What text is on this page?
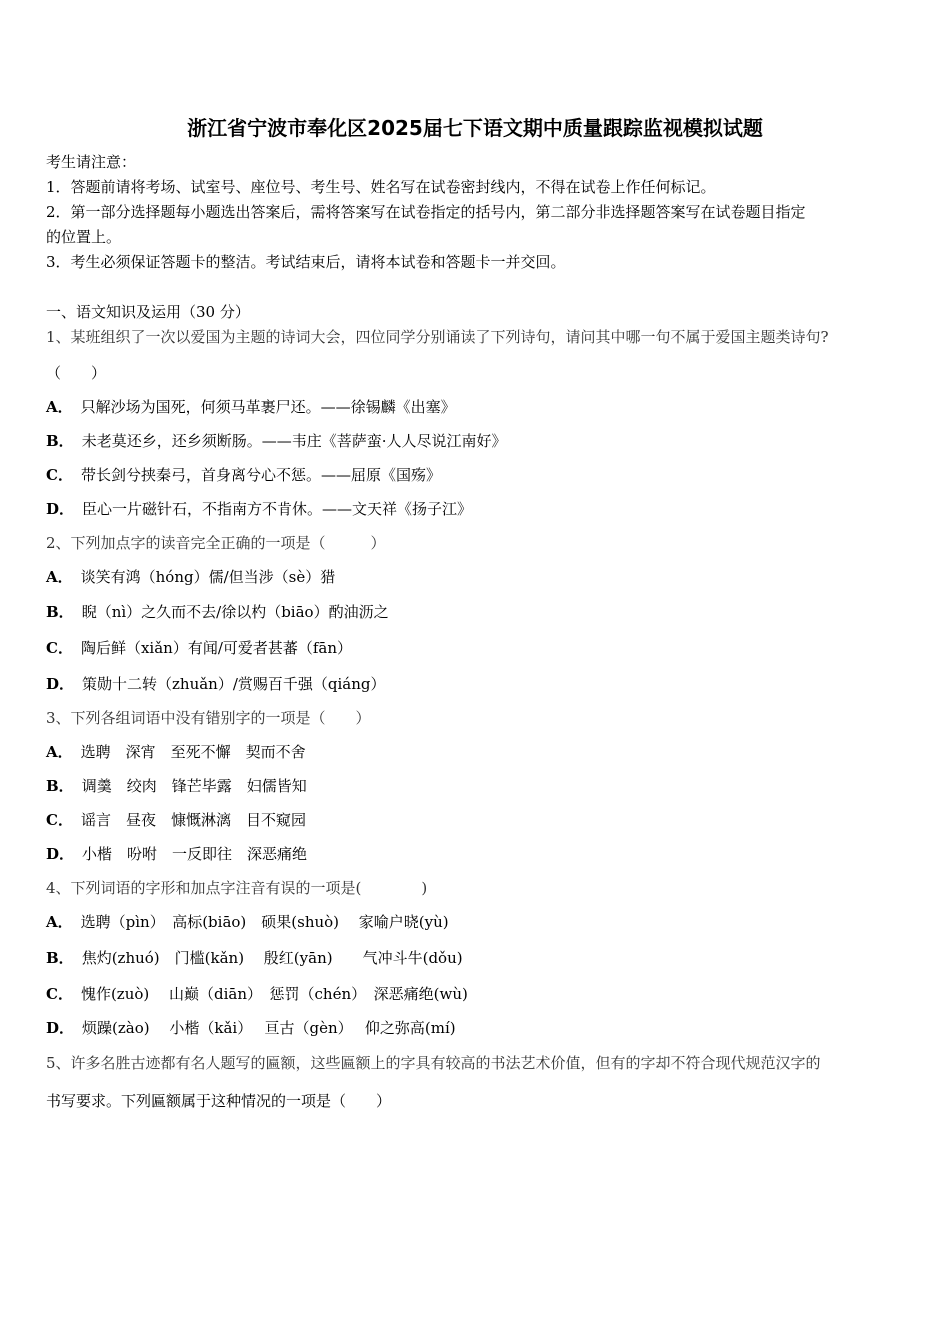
浙江省宁波市奉化区2025届七下语文期中质量跟踪监视模拟试题
考生请注意：
1．答题前请将考场、试室号、座位号、考生号、姓名写在试卷密封线内，不得在试卷上作任何标记。
2．第一部分选择题每小题选出答案后，需将答案写在试卷指定的括号内，第二部分非选择题答案写在试卷题目指定
的位置上。
3．考生必须保证答题卡的整洁。考试结束后，请将本试卷和答题卡一并交回。
一、语文知识及运用（30 分）
1、某班组织了一次以爱国为主题的诗词大会，四位同学分别诵读了下列诗句，请问其中哪一句不属于爱国主题类诗句?
（　　）
A． 只解沙场为国死，何须马革裹尸还。——徐锡麟《出塞》
B． 未老莫还乡，还乡须断肠。——韦庄《菩萨蛮·人人尽说江南好》
C． 带长剑兮挟秦弓，首身离兮心不惩。——屈原《国殇》
D． 臣心一片磁针石，不指南方不肯休。——文天祥《扬子江》
2、下列加点字的读音完全正确的一项是（　　　）
A． 谈笑有鸿（hóng）儒/但当涉（sè）猎
B． 睨（nì）之久而不去/徐以杓（biāo）酌油沥之
C． 陶后鲜（xiǎn）有闻/可爱者甚蕃（fān）
D． 策勋十二转（zhuǎn）/赏赐百千强（qiáng）
3、下列各组词语中没有错别字的一项是（　　）
A． 选聘　深宵　至死不懈　契而不舍
B． 调羹　绞肉　锋芒毕露　妇儒皆知
C． 谣言　昼夜　慷慨淋漓　目不窥园
D． 小楷　吩咐　一反即往　深恶痛绝
4、下列词语的字形和加点字注音有误的一项是(　　　　)
A． 选聘（pìn）　高标(biāo)　硕果(shuò)　 家喻户晓(yù)
B． 焦灼(zhuó)　门槛(kǎn)　 殷红(yān)　　气冲斗牛(dǒu)
C． 愧作(zuò)　 山巅（diān）　惩罚（chén）　深恶痛绝(wù)
D． 烦躁(zào)　 小楷（kǎi）　 亘古（gèn）　 仰之弥高(mí)
5、许多名胜古迹都有名人题写的匾额，这些匾额上的字具有较高的书法艺术价值，但有的字却不符合现代规范汉字的
书写要求。下列匾额属于这种情况的一项是（　　）
